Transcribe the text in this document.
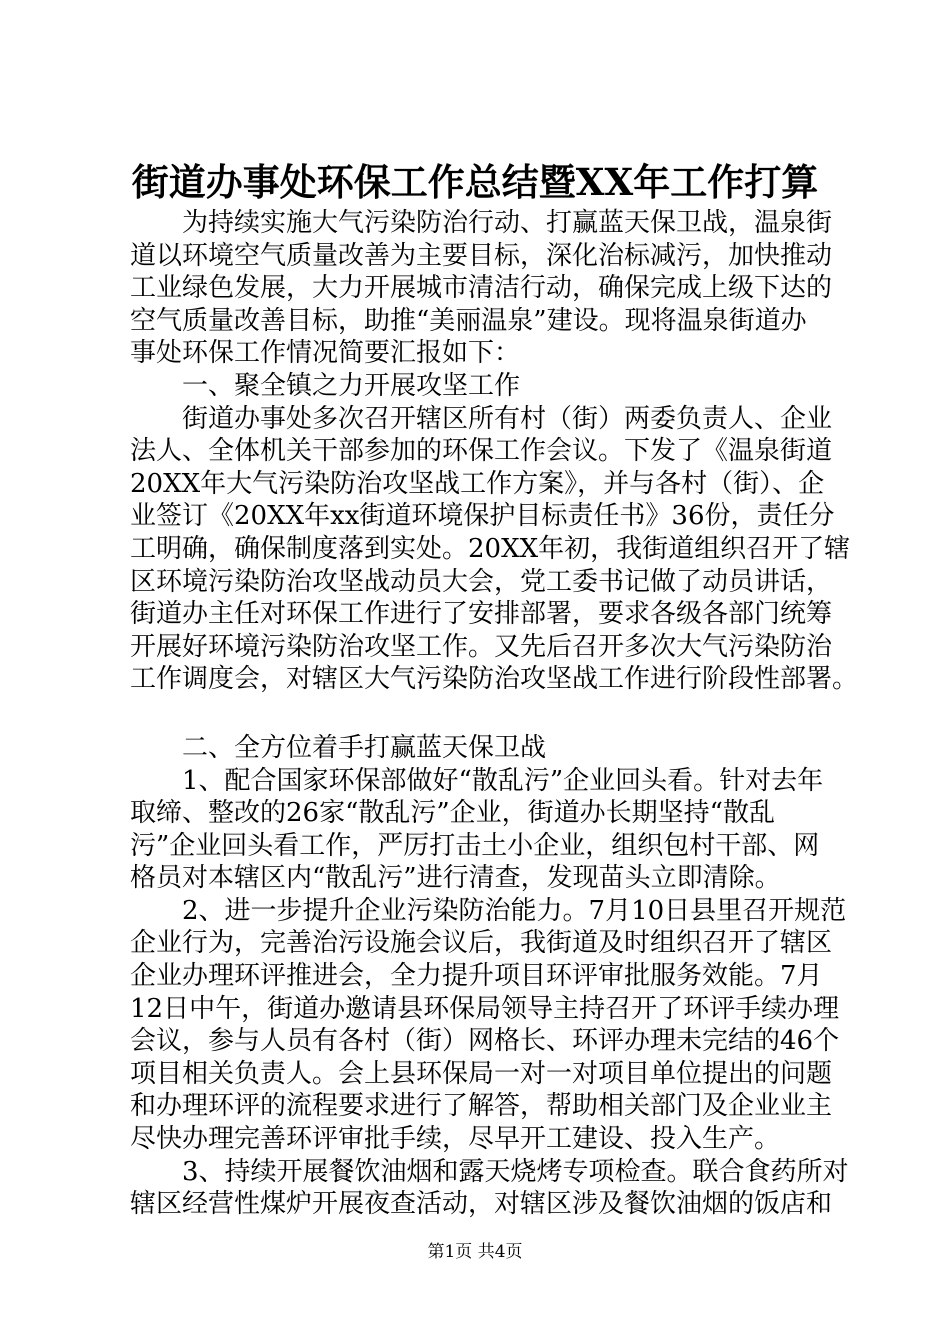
街道办事处环保工作总结暨XX年工作打算
为持续实施大气污染防治行动、打赢蓝天保卫战，温泉街
道以环境空气质量改善为主要目标，深化治标减污，加快推动
工业绿色发展，大力开展城市清洁行动，确保完成上级下达的
空气质量改善目标，助推“美丽温泉”建设。现将温泉街道办
事处环保工作情况简要汇报如下：
一、聚全镇之力开展攻坚工作
街道办事处多次召开辖区所有村（街）两委负责人、企业
法人、全体机关干部参加的环保工作会议。下发了《温泉街道
20XX年大气污染防治攻坚战工作方案》，并与各村（街）、企
业签订《20XX年xx街道环境保护目标责任书》36份，责任分
工明确，确保制度落到实处。20XX年初，我街道组织召开了辖
区环境污染防治攻坚战动员大会，党工委书记做了动员讲话，
街道办主任对环保工作进行了安排部署，要求各级各部门统筹
开展好环境污染防治攻坚工作。又先后召开多次大气污染防治
工作调度会，对辖区大气污染防治攻坚战工作进行阶段性部署。
二、全方位着手打赢蓝天保卫战
1、配合国家环保部做好“散乱污”企业回头看。针对去年
取缔、整改的26家“散乱污”企业，街道办长期坚持“散乱
污”企业回头看工作，严厉打击土小企业，组织包村干部、网
格员对本辖区内“散乱污”进行清查，发现苗头立即清除。
2、进一步提升企业污染防治能力。7月10日县里召开规范
企业行为，完善治污设施会议后，我街道及时组织召开了辖区
企业办理环评推进会，全力提升项目环评审批服务效能。7月
12日中午，街道办邀请县环保局领导主持召开了环评手续办理
会议，参与人员有各村（街）网格长、环评办理未完结的46个
项目相关负责人。会上县环保局一对一对项目单位提出的问题
和办理环评的流程要求进行了解答，帮助相关部门及企业业主
尽快办理完善环评审批手续，尽早开工建设、投入生产。
3、持续开展餐饮油烟和露天烧烤专项检查。联合食药所对
辖区经营性煤炉开展夜查活动，对辖区涉及餐饮油烟的饭店和
第1页 共4页
